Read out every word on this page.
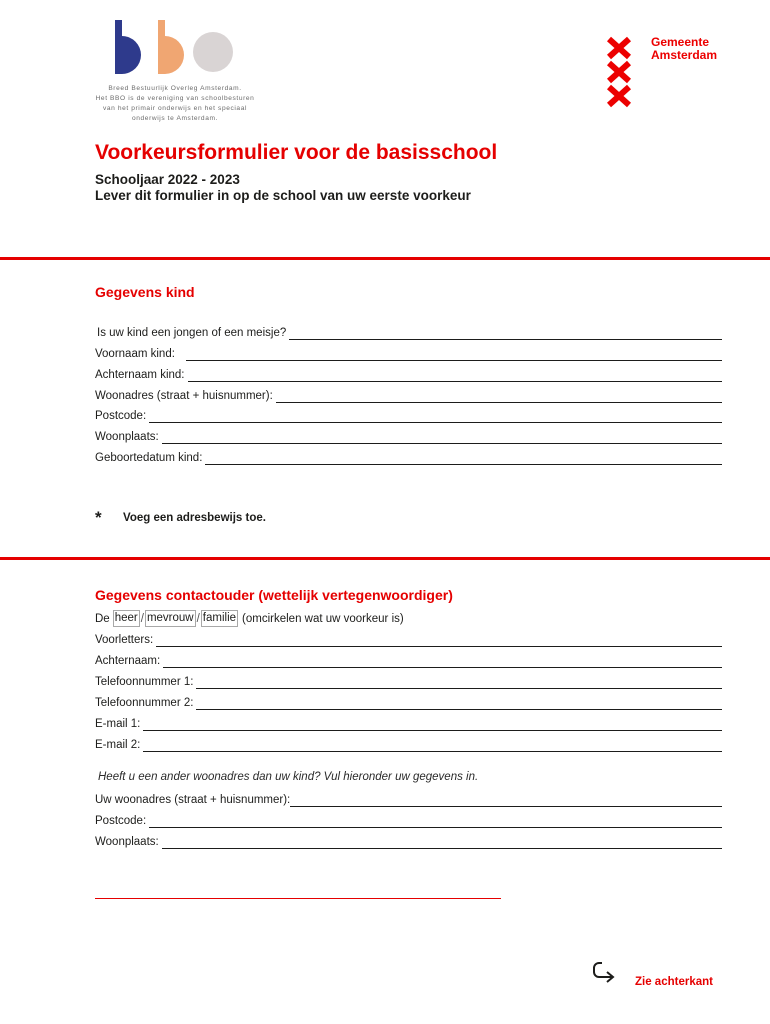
Breed Bestuurlijk Overleg Amsterdam.
Het BBO is de vereniging van schoolbesturen
van het primair onderwijs en het speciaal
onderwijs te Amsterdam.
Gemeente
Amsterdam
Voorkeursformulier voor de basisschool
Schooljaar 2022 - 2023
Lever dit formulier in op de school van uw eerste voorkeur
Gegevens kind
Is uw kind een jongen of een meisje?
Voornaam kind:
Achternaam kind:
Woonadres (straat + huisnummer):
Postcode:
Woonplaats:
Geboortedatum kind:
*	Voeg een adresbewijs toe.
Gegevens contactouder (wettelijk vertegenwoordiger)
De heer / mevrouw / familie (omcirkelen wat uw voorkeur is)
Voorletters:
Achternaam:
Telefoonnummer 1:
Telefoonnummer 2:
E-mail 1:
E-mail 2:
Heeft u een ander woonadres dan uw kind? Vul hieronder uw gegevens in.
Uw woonadres (straat + huisnummer):
Postcode:
Woonplaats:
Zie achterkant
